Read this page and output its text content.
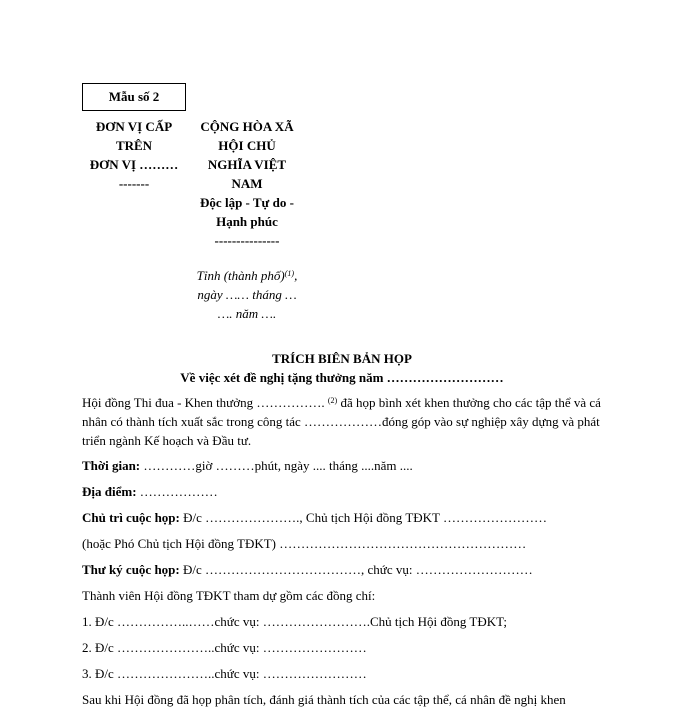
Mẫu số 2
ĐƠN VỊ CẤP
TRÊN
ĐƠN VỊ ………
-------
CỘNG HÒA XÃ
HỘI CHỦ
NGHĨA VIỆT
NAM
Độc lập - Tự do -
Hạnh phúc
---------------
Tỉnh (thành phố)$^{(1)}$,
ngày …… tháng …
…. năm ….
TRÍCH BIÊN BẢN HỌP
Về việc xét đề nghị tặng thưởng năm ………………………

Hội đồng Thi đua - Khen thưởng ……………. $^{(2)}$ đã họp bình xét khen thưởng cho các tập thể và cá nhân có thành tích xuất sắc trong công tác ………………đóng góp vào sự nghiệp xây dựng và phát triển ngành Kế hoạch và Đầu tư.

Thời gian: …………giờ ………phút, ngày .... tháng ....năm ....

Địa điểm: ………………

Chủ trì cuộc họp: Đ/c …………………., Chủ tịch Hội đồng TĐKT ……………………

(hoặc Phó Chủ tịch Hội đồng TĐKT) …………………………………………………

Thư ký cuộc họp: Đ/c ………………………………, chức vụ: ………………………

Thành viên Hội đồng TĐKT tham dự gồm các đồng chí:

1. Đ/c ……………..……chức vụ: …………………….Chủ tịch Hội đồng TĐKT;

2. Đ/c …………………..chức vụ: ……………………

3. Đ/c …………………..chức vụ: ……………………

Sau khi Hội đồng đã họp phân tích, đánh giá thành tích của các tập thể, cá nhân đề nghị khen
